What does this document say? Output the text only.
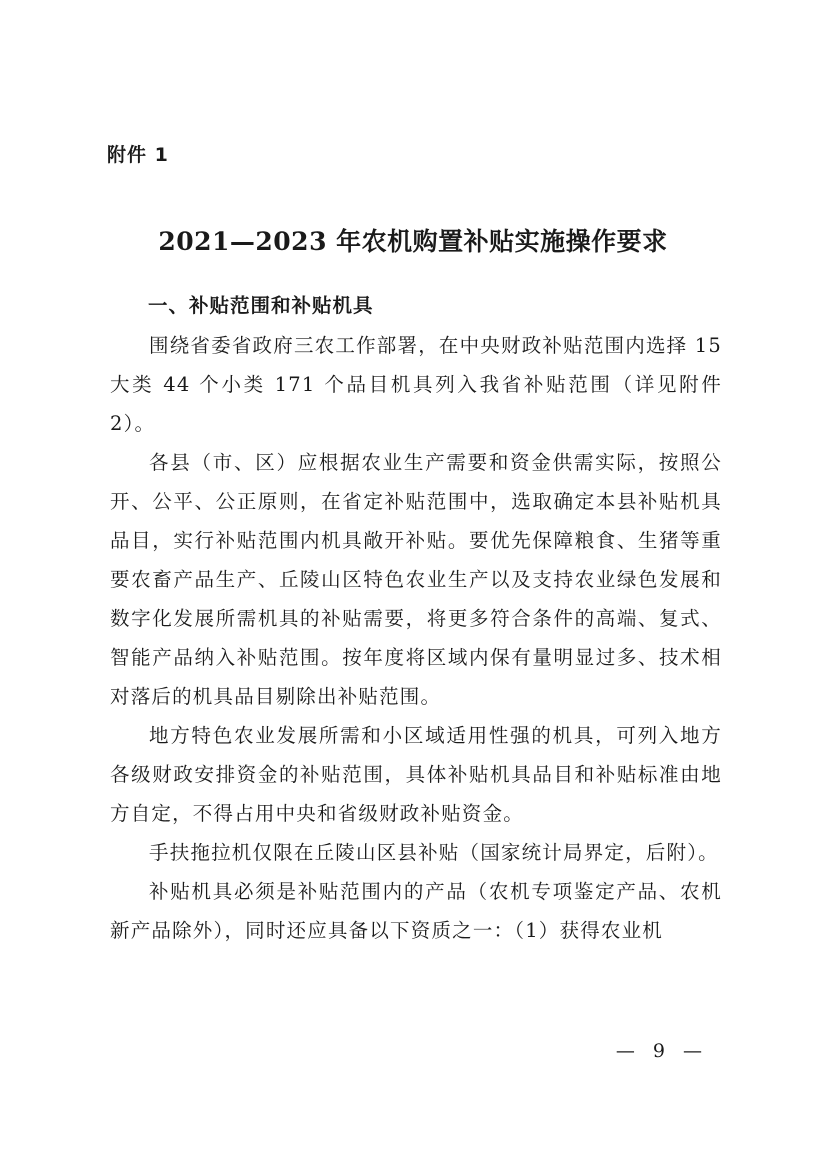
附件 1
2021—2023 年农机购置补贴实施操作要求
一、补贴范围和补贴机具

围绕省委省政府三农工作部署，在中央财政补贴范围内选择 15 大类 44 个小类 171 个品目机具列入我省补贴范围（详见附件 2）。

各县（市、区）应根据农业生产需要和资金供需实际，按照公开、公平、公正原则，在省定补贴范围中，选取确定本县补贴机具品目，实行补贴范围内机具敞开补贴。要优先保障粮食、生猪等重要农畜产品生产、丘陵山区特色农业生产以及支持农业绿色发展和数字化发展所需机具的补贴需要，将更多符合条件的高端、复式、智能产品纳入补贴范围。按年度将区域内保有量明显过多、技术相对落后的机具品目剔除出补贴范围。

地方特色农业发展所需和小区域适用性强的机具，可列入地方各级财政安排资金的补贴范围，具体补贴机具品目和补贴标准由地方自定，不得占用中央和省级财政补贴资金。

手扶拖拉机仅限在丘陵山区县补贴（国家统计局界定，后附）。

补贴机具必须是补贴范围内的产品（农机专项鉴定产品、农机新产品除外），同时还应具备以下资质之一：（1）获得农业机

— 9 —
